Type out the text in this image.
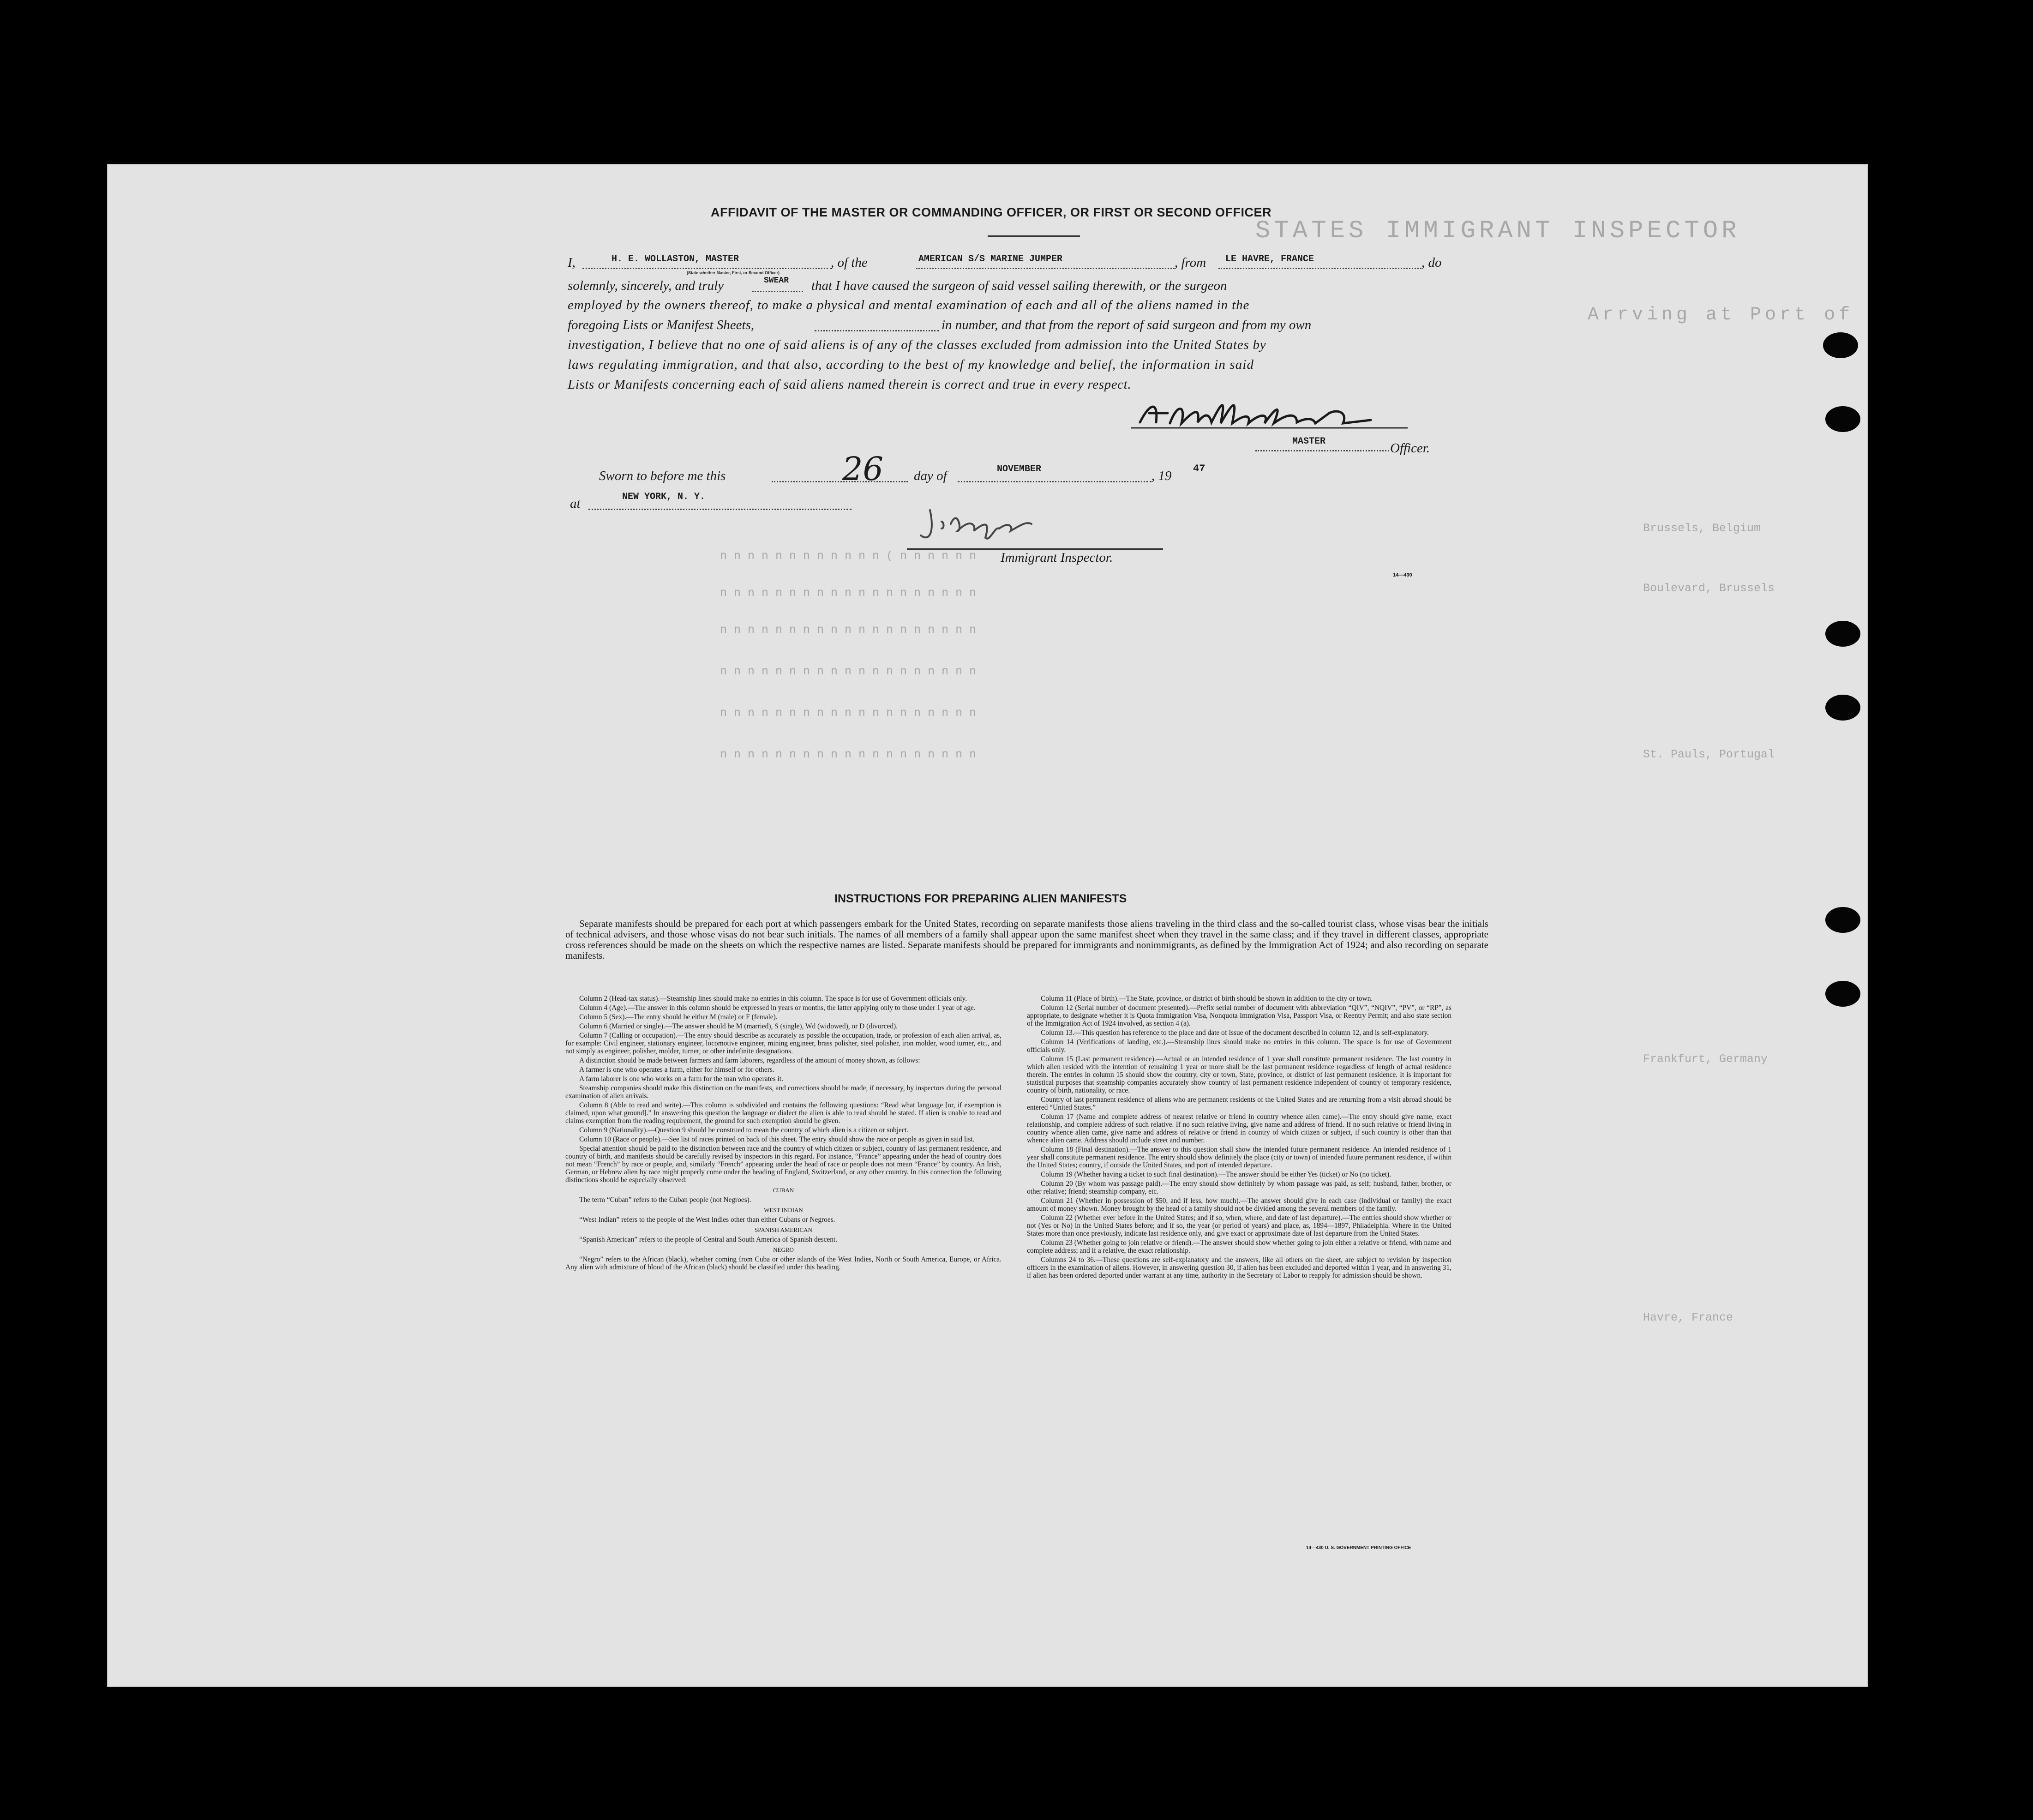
STATES IMMIGRANT INSPECTOR
Arrving at Port of
n n n n n n n n n n n n ( n n n n n n
n n n n n n n n n n n n n n n n n n n
n n n n n n n n n n n n n n n n n n n
n n n n n n n n n n n n n n n n n n n
n n n n n n n n n n n n n n n n n n n
n n n n n n n n n n n n n n n n n n n
Brussels, Belgium
Boulevard, Brussels
St. Pauls, Portugal
Frankfurt, Germany
Havre, France
AFFIDAVIT OF THE MASTER OR COMMANDING OFFICER, OR FIRST OR SECOND OFFICER
I,	H. E. WOLLASTON, MASTER	, of the	AMERICAN S/S MARINE JUMPER	, from LE HAVRE, FRANCE	, do
(State whether Master, First, or Second Officer)
solemnly, sincerely, and truly	SWEAR that I have caused the surgeon of said vessel sailing therewith, or the surgeon
employed by the owners thereof, to make a physical and mental examination of each and all of the aliens named in the
foregoing Lists or Manifest Sheets,	in number, and that from the report of said surgeon and from my own
investigation, I believe that no one of said aliens is of any of the classes excluded from admission into the United States by
laws regulating immigration, and that also, according to the best of my knowledge and belief, the information in said
Lists or Manifests concerning each of said aliens named therein is correct and true in every respect.
MASTER	Officer.
Sworn to before me this	26 day of	NOVEMBER	, 19 47
at	NEW YORK, N. Y.
Immigrant Inspector.
14—430
INSTRUCTIONS FOR PREPARING ALIEN MANIFESTS

Separate manifests should be prepared for each port at which passengers embark for the United States, recording on separate manifests those aliens traveling in the third class and the so-called tourist class, whose visas bear the initials of technical advisers, and those whose visas do not bear such initials. The names of all members of a family shall appear upon the same manifest sheet when they travel in the same class; and if they travel in different classes, appropriate cross references should be made on the sheets on which the respective names are listed. Separate manifests should be prepared for immigrants and nonimmigrants, as defined by the Immigration Act of 1924; and also recording on separate manifests.

Column 2 (Head-tax status).—Steamship lines should make no entries in this column. The space is for use of Government officials only.

Column 4 (Age).—The answer in this column should be expressed in years or months, the latter applying only to those under 1 year of age.

Column 5 (Sex).—The entry should be either M (male) or F (female).

Column 6 (Married or single).—The answer should be M (married), S (single), Wd (widowed), or D (divorced).

Column 7 (Calling or occupation).—The entry should describe as accurately as possible the occupation, trade, or profession of each alien arrival, as, for example: Civil engineer, stationary engineer, locomotive engineer, mining engineer, brass polisher, steel polisher, iron molder, wood turner, etc., and not simply as engineer, polisher, molder, turner, or other indefinite designations.

A distinction should be made between farmers and farm laborers, regardless of the amount of money shown, as follows:

A farmer is one who operates a farm, either for himself or for others.

A farm laborer is one who works on a farm for the man who operates it.

Steamship companies should make this distinction on the manifests, and corrections should be made, if necessary, by inspectors during the personal examination of alien arrivals.

Column 8 (Able to read and write).—This column is subdivided and contains the following questions: “Read what language [or, if exemption is claimed, upon what ground].” In answering this question the language or dialect the alien is able to read should be stated. If alien is unable to read and claims exemption from the reading requirement, the ground for such exemption should be given.

Column 9 (Nationality).—Question 9 should be construed to mean the country of which alien is a citizen or subject.

Column 10 (Race or people).—See list of races printed on back of this sheet. The entry should show the race or people as given in said list.

Special attention should be paid to the distinction between race and the country of which citizen or subject, country of last permanent residence, and country of birth, and manifests should be carefully revised by inspectors in this regard. For instance, “France” appearing under the head of country does not mean “French” by race or people, and, similarly “French” appearing under the head of race or people does not mean “France” by country. An Irish, German, or Hebrew alien by race might properly come under the heading of England, Switzerland, or any other country. In this connection the following distinctions should be especially observed:

CUBAN

The term “Cuban” refers to the Cuban people (not Negroes).

WEST INDIAN

“West Indian” refers to the people of the West Indies other than either Cubans or Negroes.

SPANISH AMERICAN

“Spanish American” refers to the people of Central and South America of Spanish descent.

NEGRO

“Negro” refers to the African (black), whether coming from Cuba or other islands of the West Indies, North or South America, Europe, or Africa. Any alien with admixture of blood of the African (black) should be classified under this heading.

Column 11 (Place of birth).—The State, province, or district of birth should be shown in addition to the city or town.

Column 12 (Serial number of document presented).—Prefix serial number of document with abbreviation “QIV”, “NQIV”, “PV”, or “RP”, as appropriate, to designate whether it is Quota Immigration Visa, Nonquota Immigration Visa, Passport Visa, or Reentry Permit; and also state section of the Immigration Act of 1924 involved, as section 4 (a).

Column 13.—This question has reference to the place and date of issue of the document described in column 12, and is self-explanatory.

Column 14 (Verifications of landing, etc.).—Steamship lines should make no entries in this column. The space is for use of Government officials only.

Column 15 (Last permanent residence).—Actual or an intended residence of 1 year shall constitute permanent residence. The last country in which alien resided with the intention of remaining 1 year or more shall be the last permanent residence regardless of length of actual residence therein. The entries in column 15 should show the country, city or town, State, province, or district of last permanent residence. It is important for statistical purposes that steamship companies accurately show country of last permanent residence independent of country of temporary residence, country of birth, nationality, or race.

Country of last permanent residence of aliens who are permanent residents of the United States and are returning from a visit abroad should be entered “United States.”

Column 17 (Name and complete address of nearest relative or friend in country whence alien came).—The entry should give name, exact relationship, and complete address of such relative. If no such relative living, give name and address of friend. If no such relative or friend living in country whence alien came, give name and address of relative or friend in country of which citizen or subject, if such country is other than that whence alien came. Address should include street and number.

Column 18 (Final destination).—The answer to this question shall show the intended future permanent residence. An intended residence of 1 year shall constitute permanent residence. The entry should show definitely the place (city or town) of intended future permanent residence, if within the United States; country, if outside the United States, and port of intended departure.

Column 19 (Whether having a ticket to such final destination).—The answer should be either Yes (ticket) or No (no ticket).

Column 20 (By whom was passage paid).—The entry should show definitely by whom passage was paid, as self; husband, father, brother, or other relative; friend; steamship company, etc.

Column 21 (Whether in possession of $50, and if less, how much).—The answer should give in each case (individual or family) the exact amount of money shown. Money brought by the head of a family should not be divided among the several members of the family.

Column 22 (Whether ever before in the United States; and if so, when, where, and date of last departure).—The entries should show whether or not (Yes or No) in the United States before; and if so, the year (or period of years) and place, as, 1894—1897, Philadelphia. Where in the United States more than once previously, indicate last residence only, and give exact or approximate date of last departure from the United States.

Column 23 (Whether going to join relative or friend).—The answer should show whether going to join either a relative or friend, with name and complete address; and if a relative, the exact relationship.

Columns 24 to 36.—These questions are self-explanatory and the answers, like all others on the sheet, are subject to revision by inspection officers in the examination of aliens. However, in answering question 30, if alien has been excluded and deported within 1 year, and in answering 31, if alien has been ordered deported under warrant at any time, authority in the Secretary of Labor to reapply for admission should be shown.

14—430 U. S. GOVERNMENT PRINTING OFFICE
